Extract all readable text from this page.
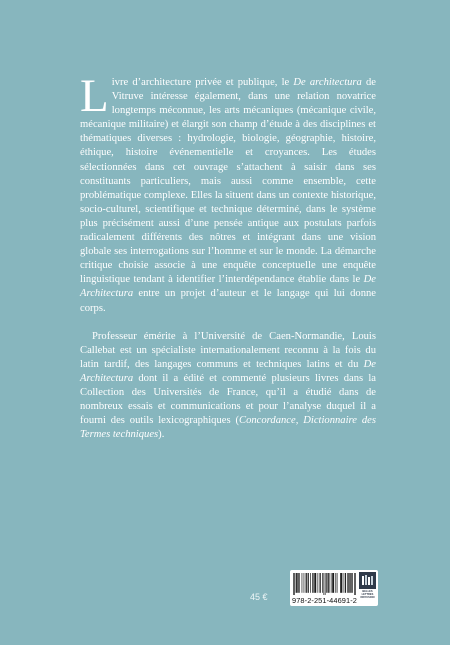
Livre d’architecture privée et publique, le De architectura de Vitruve intéresse également, dans une relation novatrice longtemps méconnue, les arts mécaniques (mécanique civile, mécanique militaire) et élargit son champ d’étude à des disciplines et thématiques diverses : hydrologie, biologie, géographie, histoire, éthique, histoire événementielle et croyances. Les études sélectionnées dans cet ouvrage s’attachent à saisir dans ses constituants particuliers, mais aussi comme ensemble, cette problématique complexe. Elles la situent dans un contexte historique, socio-culturel, scientifique et technique déterminé, dans le système plus précisément aussi d’une pensée antique aux postulats parfois radicalement différents des nôtres et intégrant dans une vision globale ses interrogations sur l’homme et sur le monde. La démarche critique choisie associe à une enquête conceptuelle une enquête linguistique tendant à identifier l’interdépendance établie dans le De Architectura entre un projet d’auteur et le langage qui lui donne corps.

Professeur émérite à l’Université de Caen-Normandie, Louis Callebat est un spécialiste internationalement reconnu à la fois du latin tardif, des langages communs et techniques latins et du De Architectura dont il a édité et commenté plusieurs livres dans la Collection des Universités de France, qu’il a étudié dans de nombreux essais et communications et pour l’analyse duquel il a fourni des outils lexicographiques (Concordance, Dictionnaire des Termes techniques).

45 €	978-2-251-44691-2
BELLES LETTRES
DIFFUSION
